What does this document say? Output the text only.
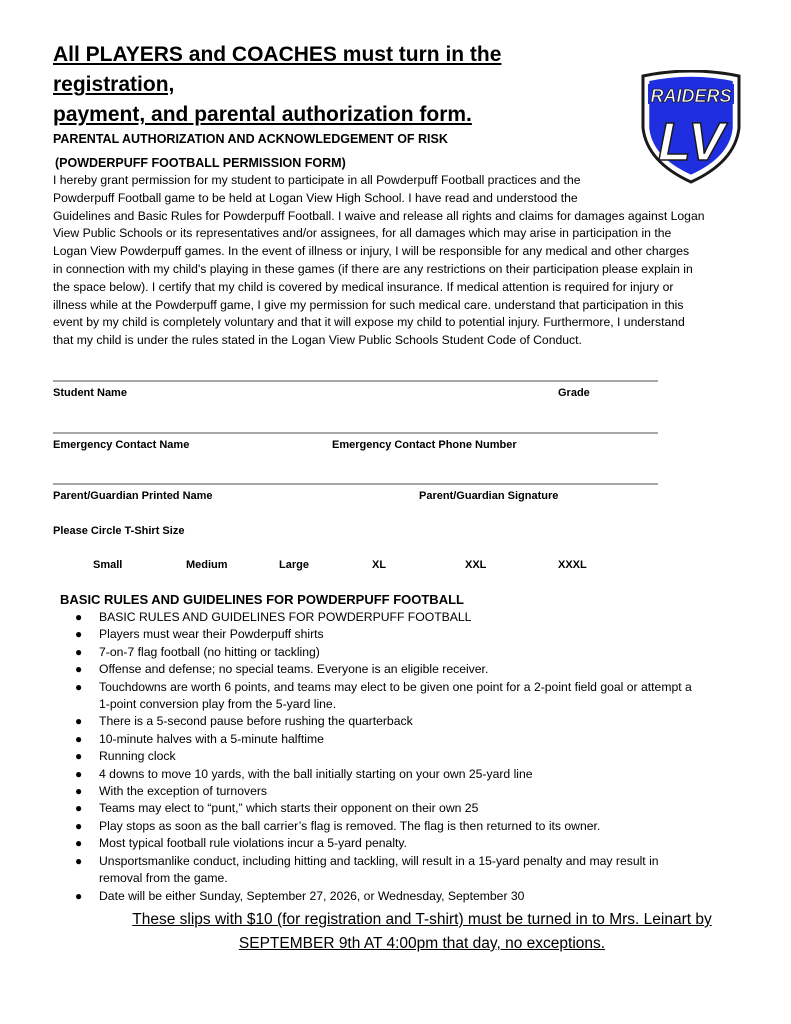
All PLAYERS and COACHES must turn in the registration,
payment, and parental authorization form.
RAIDERS
LV
PARENTAL AUTHORIZATION AND ACKNOWLEDGEMENT OF RISK
(POWDERPUFF FOOTBALL PERMISSION FORM)
I hereby grant permission for my student to participate in all Powderpuff Football practices and the
Powderpuff Football game to be held at Logan View High School. I have read and understood the
Guidelines and Basic Rules for Powderpuff Football. I waive and release all rights and claims for damages against Logan
View Public Schools or its representatives and/or assignees, for all damages which may arise in participation in the
Logan View Powderpuff games. In the event of illness or injury, I will be responsible for any medical and other charges
in connection with my child's playing in these games (if there are any restrictions on their participation please explain in
the space below). I certify that my child is covered by medical insurance. If medical attention is required for injury or
illness while at the Powderpuff game, I give my permission for such medical care. understand that participation in this
event by my child is completely voluntary and that it will expose my child to potential injury. Furthermore, I understand
that my child is under the rules stated in the Logan View Public Schools Student Code of Conduct.
Student Name	Grade
Emergency Contact Name	Emergency Contact Phone Number
Parent/Guardian Printed Name	Parent/Guardian Signature
Please Circle T-Shirt Size
Small	Medium	Large	XL	XXL	XXXL
BASIC RULES AND GUIDELINES FOR POWDERPUFF FOOTBALL
● BASIC RULES AND GUIDELINES FOR POWDERPUFF FOOTBALL
● Players must wear their Powderpuff shirts
● 7-on-7 flag football (no hitting or tackling)
● Offense and defense; no special teams. Everyone is an eligible receiver.
● Touchdowns are worth 6 points, and teams may elect to be given one point for a 2-point field goal or attempt a
1-point conversion play from the 5-yard line.
● There is a 5-second pause before rushing the quarterback
● 10-minute halves with a 5-minute halftime
● Running clock
● 4 downs to move 10 yards, with the ball initially starting on your own 25-yard line
● With the exception of turnovers
● Teams may elect to “punt,” which starts their opponent on their own 25
● Play stops as soon as the ball carrier’s flag is removed. The flag is then returned to its owner.
● Most typical football rule violations incur a 5-yard penalty.
● Unsportsmanlike conduct, including hitting and tackling, will result in a 15-yard penalty and may result in
removal from the game.
● Date will be either Sunday, September 27, 2026, or Wednesday, September 30
These slips with $10 (for registration and T-shirt) must be turned in to Mrs. Leinart by
SEPTEMBER 9th AT 4:00pm that day, no exceptions.
